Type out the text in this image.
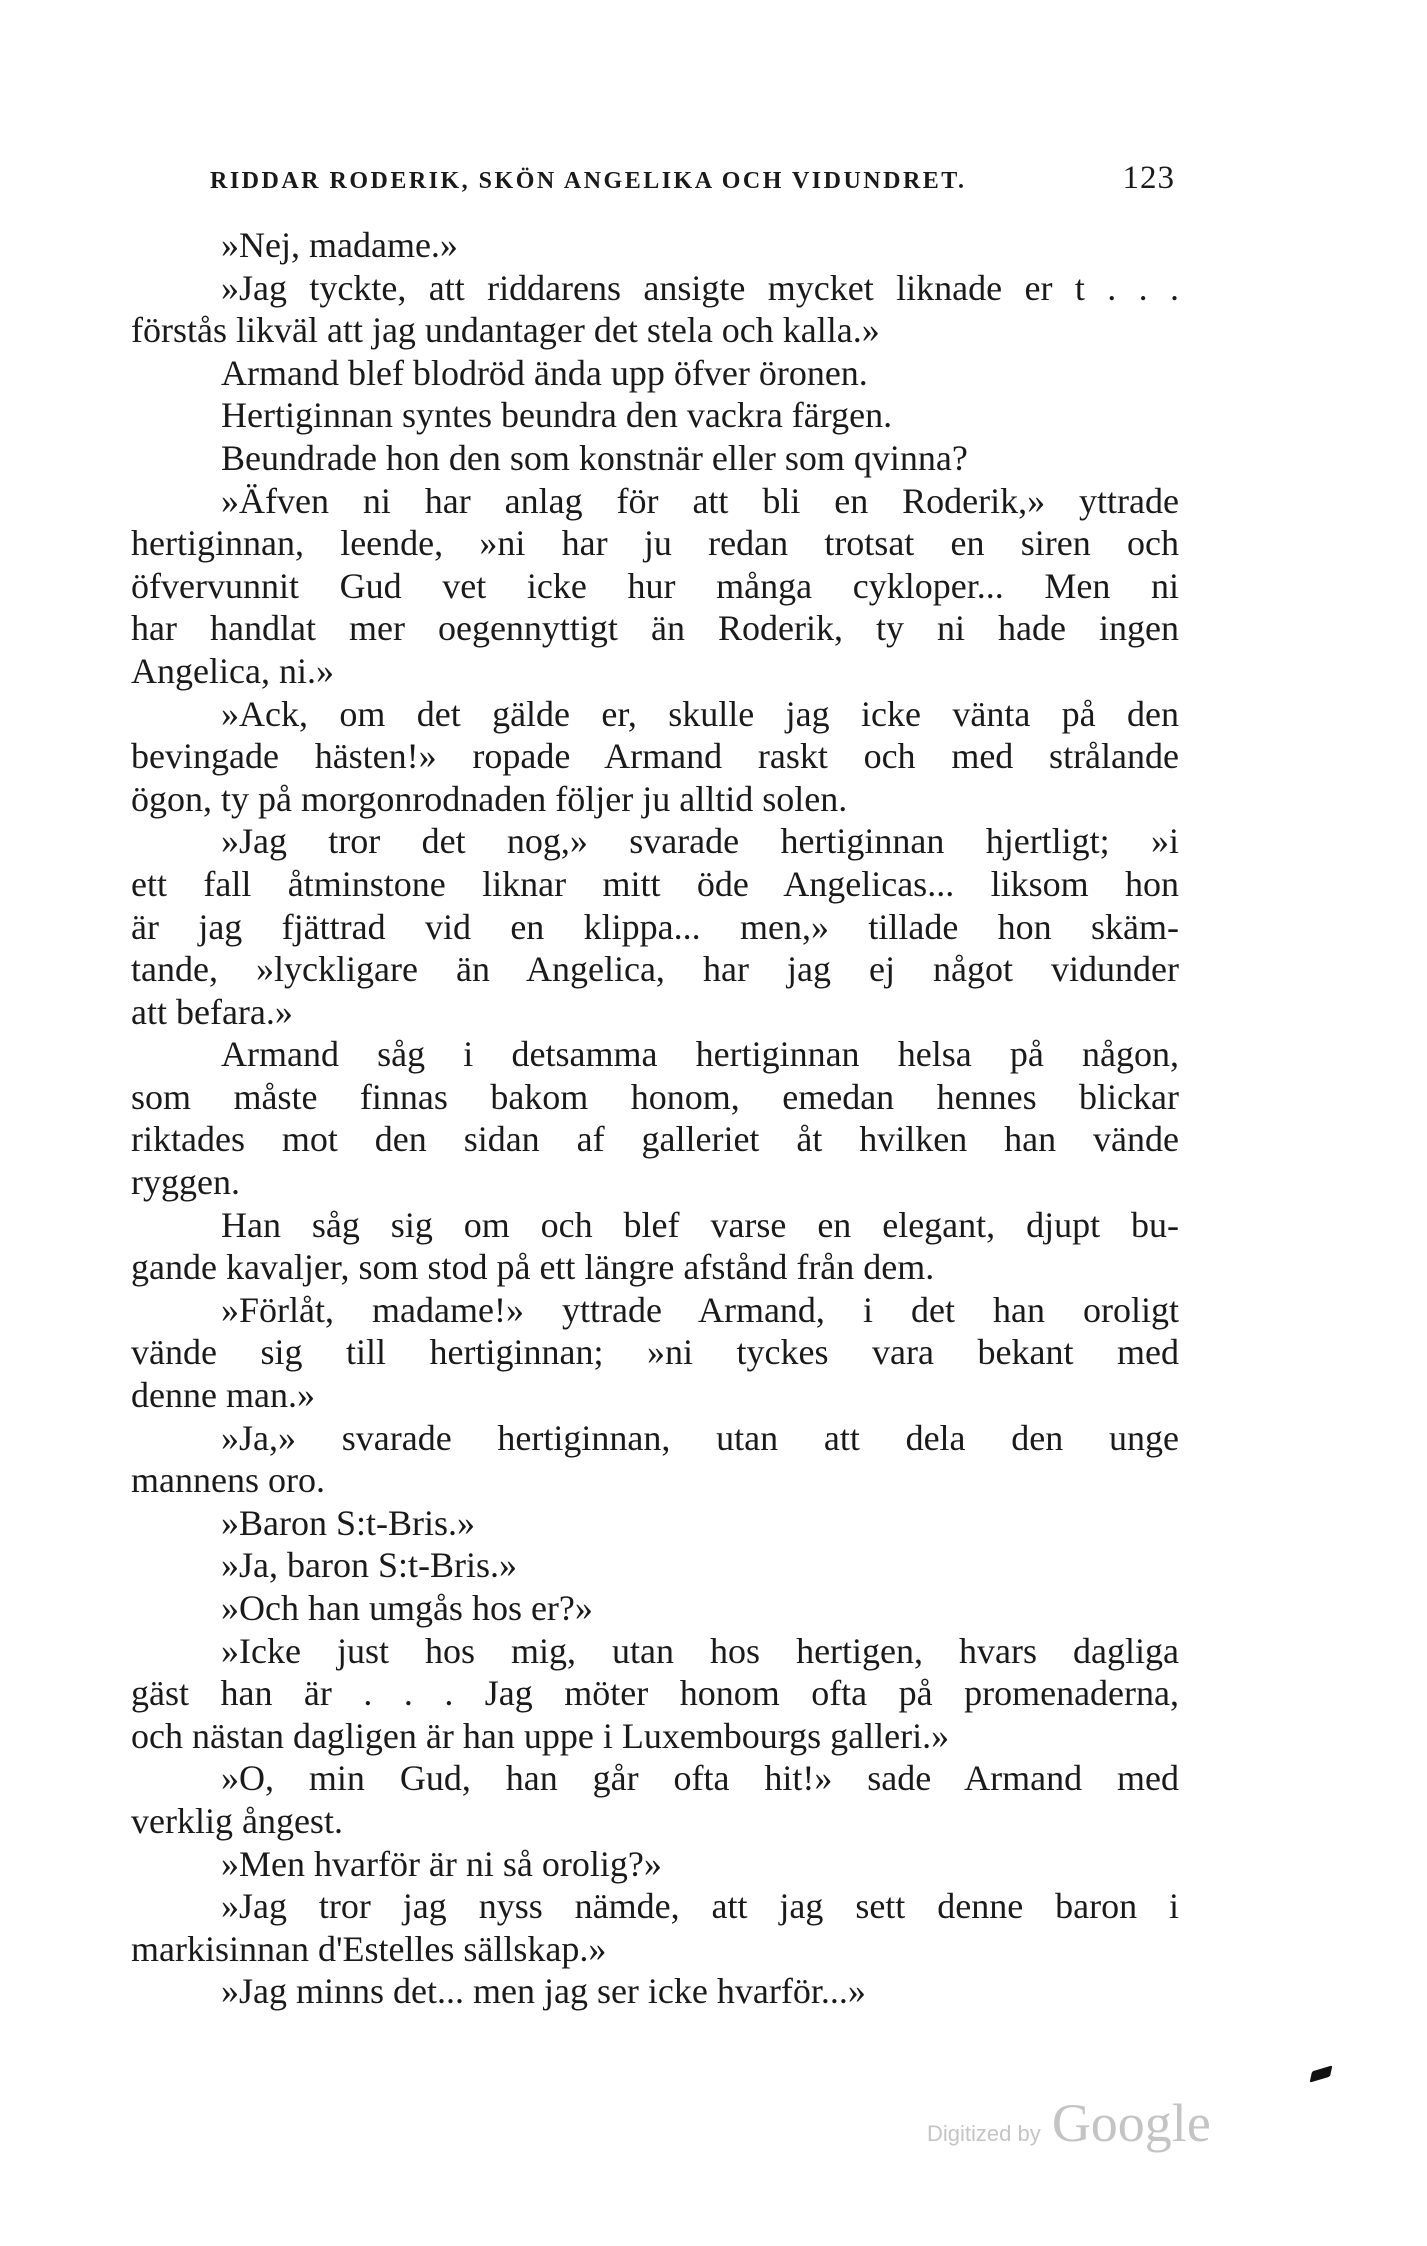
RIDDAR RODERIK, SKÖN ANGELIKA OCH VIDUNDRET.	123
»Nej, madame.»
»Jag tyckte, att riddarens ansigte mycket liknade er t . . .
förstås likväl att jag undantager det stela och kalla.»
Armand blef blodröd ända upp öfver öronen.
Hertiginnan syntes beundra den vackra färgen.
Beundrade hon den som konstnär eller som qvinna?
»Äfven ni har anlag för att bli en Roderik,» yttrade
hertiginnan, leende, »ni har ju redan trotsat en siren och
öfvervunnit Gud vet icke hur många cykloper... Men ni
har handlat mer oegennyttigt än Roderik, ty ni hade ingen
Angelica, ni.»
»Ack, om det gälde er, skulle jag icke vänta på den
bevingade hästen!» ropade Armand raskt och med strålande
ögon, ty på morgonrodnaden följer ju alltid solen.
»Jag tror det nog,» svarade hertiginnan hjertligt; »i
ett fall åtminstone liknar mitt öde Angelicas... liksom hon
är jag fjättrad vid en klippa... men,» tillade hon skäm-
tande, »lyckligare än Angelica, har jag ej något vidunder
att befara.»
Armand såg i detsamma hertiginnan helsa på någon,
som måste finnas bakom honom, emedan hennes blickar
riktades mot den sidan af galleriet åt hvilken han vände
ryggen.
Han såg sig om och blef varse en elegant, djupt bu-
gande kavaljer, som stod på ett längre afstånd från dem.
»Förlåt, madame!» yttrade Armand, i det han oroligt
vände sig till hertiginnan; »ni tyckes vara bekant med
denne man.»
»Ja,» svarade hertiginnan, utan att dela den unge
mannens oro.
»Baron S:t-Bris.»
»Ja, baron S:t-Bris.»
»Och han umgås hos er?»
»Icke just hos mig, utan hos hertigen, hvars dagliga
gäst han är . . . Jag möter honom ofta på promenaderna,
och nästan dagligen är han uppe i Luxembourgs galleri.»
»O, min Gud, han går ofta hit!» sade Armand med
verklig ångest.
»Men hvarför är ni så orolig?»
»Jag tror jag nyss nämde, att jag sett denne baron i
markisinnan d'Estelles sällskap.»
»Jag minns det... men jag ser icke hvarför...»
Digitized by Google
